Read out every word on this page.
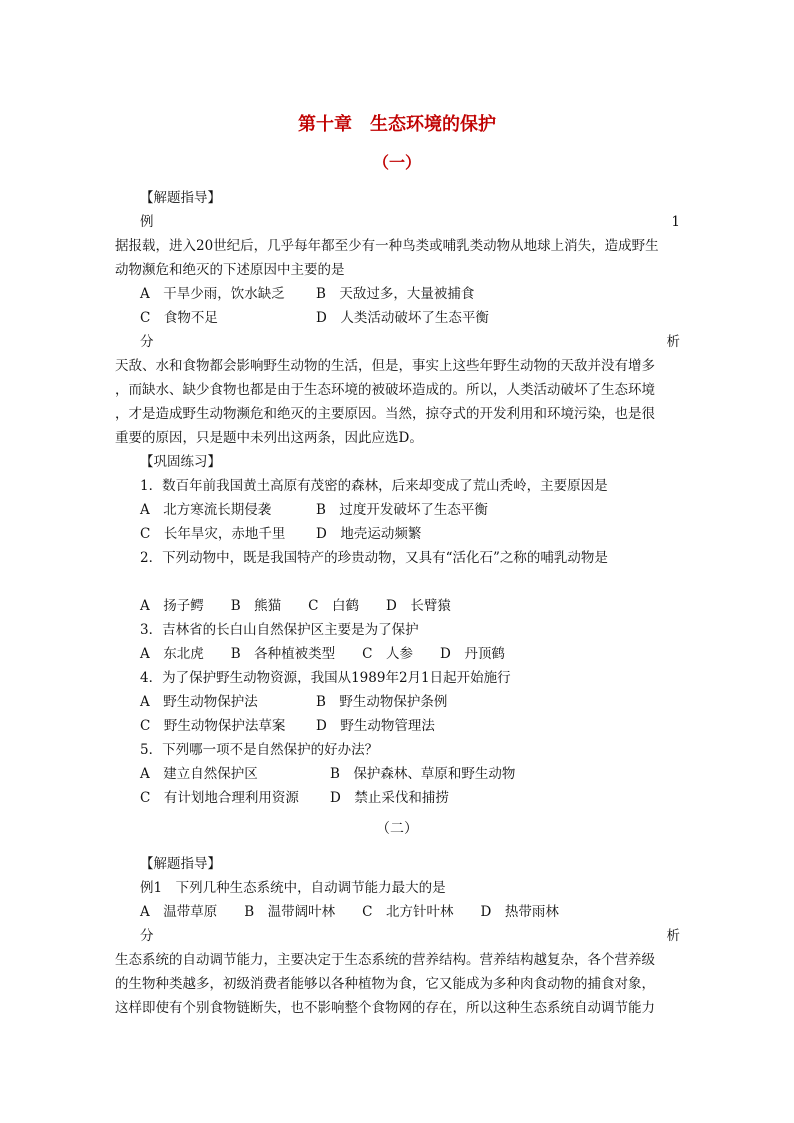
第十章　生态环境的保护
（一）
【解题指导】
例	1
据报载，进入20世纪后，几乎每年都至少有一种鸟类或哺乳类动物从地球上消失，造成野生
动物濒危和绝灭的下述原因中主要的是
A　干旱少雨，饮水缺乏 B　天敌过多，大量被捕食
C　食物不足	D　人类活动破坏了生态平衡
分	析
天敌、水和食物都会影响野生动物的生活，但是，事实上这些年野生动物的天敌并没有增多
，而缺水、缺少食物也都是由于生态环境的被破坏造成的。所以，人类活动破坏了生态环境
，才是造成野生动物濒危和绝灭的主要原因。当然，掠夺式的开发利用和环境污染，也是很
重要的原因，只是题中未列出这两条，因此应选D。
【巩固练习】
1．数百年前我国黄土高原有茂密的森林，后来却变成了荒山秃岭，主要原因是
A　北方寒流长期侵袭	B　过度开发破坏了生态平衡
C　长年旱灾，赤地千里 D　地壳运动频繁
2．下列动物中，既是我国特产的珍贵动物，又具有“活化石”之称的哺乳动物是
A　扬子鳄　　B　熊猫　　C　白鹤　　D　长臂猿
3．吉林省的长白山自然保护区主要是为了保护
A　东北虎　　B　各种植被类型　　C　人参　　D　丹顶鹤
4．为了保护野生动物资源，我国从1989年2月1日起开始施行
A　野生动物保护法	B　野生动物保护条例
C　野生动物保护法草案 D　野生动物管理法
5．下列哪一项不是自然保护的好办法？
A　建立自然保护区	B　保护森林、草原和野生动物
C　有计划地合理利用资源 D　禁止采伐和捕捞
（二）
【解题指导】
例1　下列几种生态系统中，自动调节能力最大的是
A　温带草原　　B　温带阔叶林　　C　北方针叶林　　D　热带雨林
分	析
生态系统的自动调节能力，主要决定于生态系统的营养结构。营养结构越复杂，各个营养级
的生物种类越多，初级消费者能够以各种植物为食，它又能成为多种肉食动物的捕食对象，
这样即使有个别食物链断失，也不影响整个食物网的存在，所以这种生态系统自动调节能力
